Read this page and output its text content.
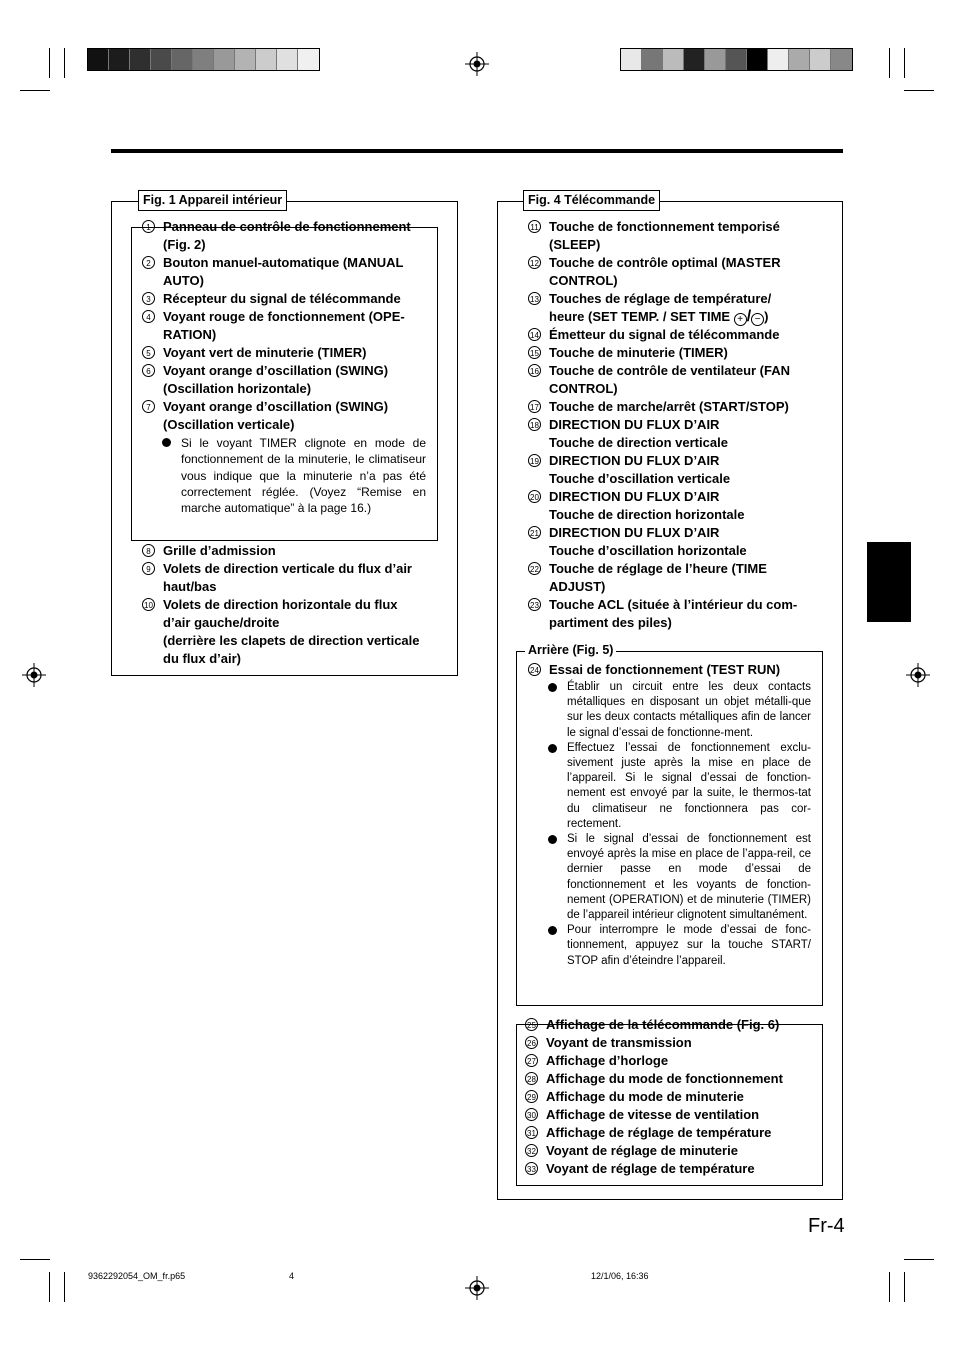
Fig. 1 Appareil intérieur
1 Panneau de contrôle de fonctionnement
(Fig. 2)
2 Bouton manuel-automatique (MANUAL
AUTO)
3 Récepteur du signal de télécommande
4 Voyant rouge de fonctionnement (OPE-
RATION)
5 Voyant vert de minuterie (TIMER)
6 Voyant orange d’oscillation (SWING)
(Oscillation horizontale)
7 Voyant orange d’oscillation (SWING)
(Oscillation verticale)
Si le voyant TIMER clignote en mode de fonctionnement de la minuterie, le climatiseur vous indique que la minuterie n’a pas été correctement réglée. (Voyez “Remise en marche automatique” à la page 16.)
8 Grille d’admission
9 Volets de direction verticale du flux d’air
haut/bas
10 Volets de direction horizontale du flux
d’air gauche/droite
(derrière les clapets de direction verticale
du flux d’air)
Fig. 4 Télécommande
11 Touche de fonctionnement temporisé
(SLEEP)
12 Touche de contrôle optimal (MASTER
CONTROL)
13 Touches de réglage de température/
heure (SET TEMP. / SET TIME + / − )
14 Émetteur du signal de télécommande
15 Touche de minuterie (TIMER)
16 Touche de contrôle de ventilateur (FAN
CONTROL)
17 Touche de marche/arrêt (START/STOP)
18 DIRECTION DU FLUX D’AIR
Touche de direction verticale
19 DIRECTION DU FLUX D’AIR
Touche d’oscillation verticale
20 DIRECTION DU FLUX D’AIR
Touche de direction horizontale
21 DIRECTION DU FLUX D’AIR
Touche d’oscillation horizontale
22 Touche de réglage de l’heure (TIME
ADJUST)
23 Touche ACL (située à l’intérieur du com-
partiment des piles)
Arrière (Fig. 5)
24 Essai de fonctionnement (TEST RUN)
Établir un circuit entre les deux contacts métalliques en disposant un objet métalli-que sur les deux contacts métalliques afin de lancer le signal d’essai de fonctionne-ment.
Effectuez l’essai de fonctionnement exclu-sivement juste après la mise en place de l’appareil. Si le signal d’essai de fonction-nement est envoyé par la suite, le thermos-tat du climatiseur ne fonctionnera pas cor-rectement.
Si le signal d’essai de fonctionnement est envoyé après la mise en place de l’appa-reil, ce dernier passe en mode d’essai de fonctionnement et les voyants de fonction-nement (OPERATION) et de minuterie (TIMER) de l’appareil intérieur clignotent simultanément.
Pour interrompre le mode d’essai de fonc-tionnement, appuyez sur la touche START/ STOP afin d’éteindre l’appareil.
25 Affichage de la télécommande (Fig. 6)
26 Voyant de transmission
27 Affichage d’horloge
28 Affichage du mode de fonctionnement
29 Affichage du mode de minuterie
30 Affichage de vitesse de ventilation
31 Affichage de réglage de température
32 Voyant de réglage de minuterie
33 Voyant de réglage de température
Fr-4
9362292054_OM_fr.p65	4	12/1/06, 16:36
